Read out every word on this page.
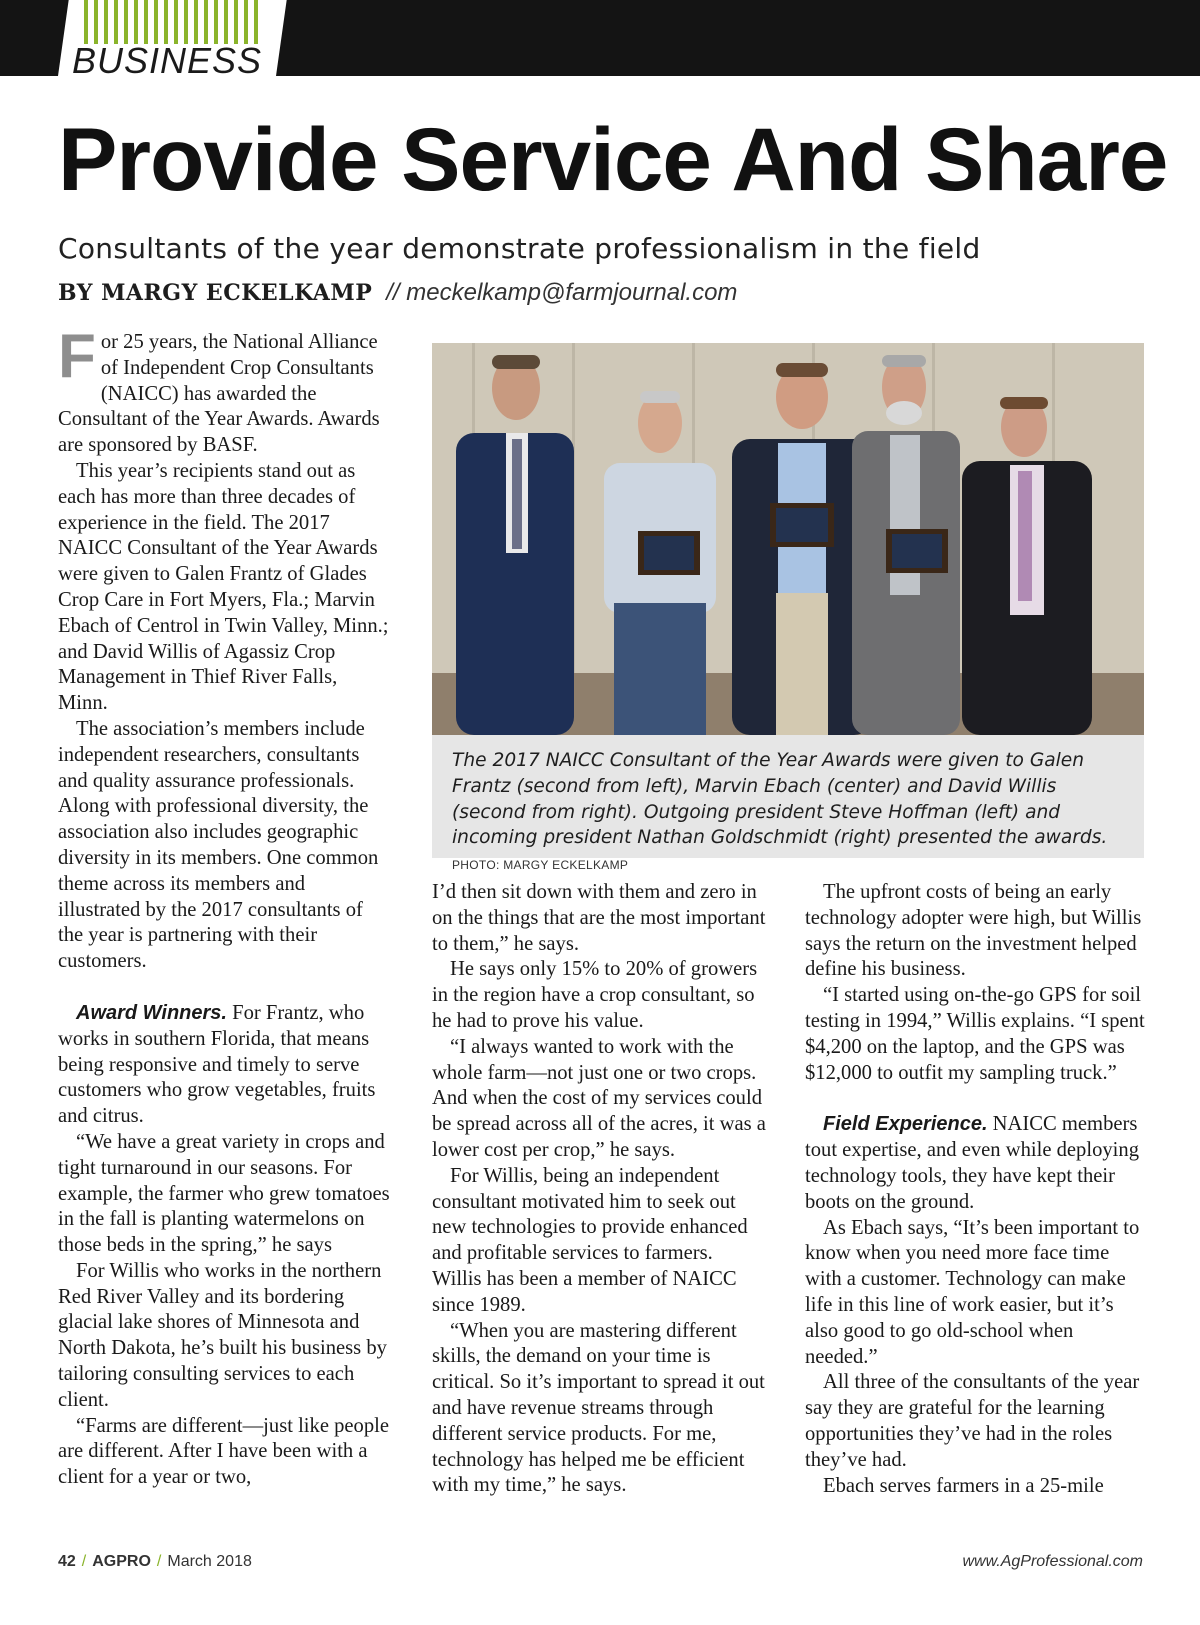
BUSINESS
Provide Service And Share
Consultants of the year demonstrate professionalism in the field
BY MARGY ECKELKAMP // meckelkamp@farmjournal.com

For 25 years, the National Alliance of Independent Crop Consultants (NAICC) has awarded the Consultant of the Year Awards. Awards are sponsored by BASF.

This year’s recipients stand out as each has more than three decades of experience in the field. The 2017 NAICC Consultant of the Year Awards were given to Galen Frantz of Glades Crop Care in Fort Myers, Fla.; Marvin Ebach of Centrol in Twin Valley, Minn.; and David Willis of Agassiz Crop Management in Thief River Falls, Minn.

The association’s members include independent researchers, consultants and quality assurance professionals. Along with professional diversity, the association also includes geographic diversity in its members. One common theme across its members and illustrated by the 2017 consultants of the year is partnering with their customers.

Award Winners. For Frantz, who works in southern Florida, that means being responsive and timely to serve customers who grow vegetables, fruits and citrus.

“We have a great variety in crops and tight turnaround in our seasons. For example, the farmer who grew tomatoes in the fall is planting watermelons on those beds in the spring,” he says

For Willis who works in the northern Red River Valley and its bordering glacial lake shores of Minnesota and North Dakota, he’s built his business by tailoring consulting services to each client.

“Farms are different—just like people are different. After I have been with a client for a year or two,

The 2017 NAICC Consultant of the Year Awards were given to Galen Frantz (second from left), Marvin Ebach (center) and David Willis (second from right). Outgoing president Steve Hoffman (left) and incoming president Nathan Goldschmidt (right) presented the awards. PHOTO: MARGY ECKELKAMP

I’d then sit down with them and zero in on the things that are the most important to them,” he says.

He says only 15% to 20% of growers in the region have a crop consultant, so he had to prove his value.

“I always wanted to work with the whole farm—not just one or two crops. And when the cost of my services could be spread across all of the acres, it was a lower cost per crop,” he says.

For Willis, being an independent consultant motivated him to seek out new technologies to provide enhanced and profitable services to farmers. Willis has been a member of NAICC since 1989.

“When you are mastering different skills, the demand on your time is critical. So it’s important to spread it out and have revenue streams through different service products. For me, technology has helped me be efficient with my time,” he says.

The upfront costs of being an early technology adopter were high, but Willis says the return on the investment helped define his business.

“I started using on-the-go GPS for soil testing in 1994,” Willis explains. “I spent $4,200 on the laptop, and the GPS was $12,000 to outfit my sampling truck.”

Field Experience. NAICC members tout expertise, and even while deploying technology tools, they have kept their boots on the ground.

As Ebach says, “It’s been important to know when you need more face time with a customer. Technology can make life in this line of work easier, but it’s also good to go old-school when needed.”

All three of the consultants of the year say they are grateful for the learning opportunities they’ve had in the roles they’ve had.

Ebach serves farmers in a 25-mile

42 / AGPRO / March 2018	www.AgProfessional.com
